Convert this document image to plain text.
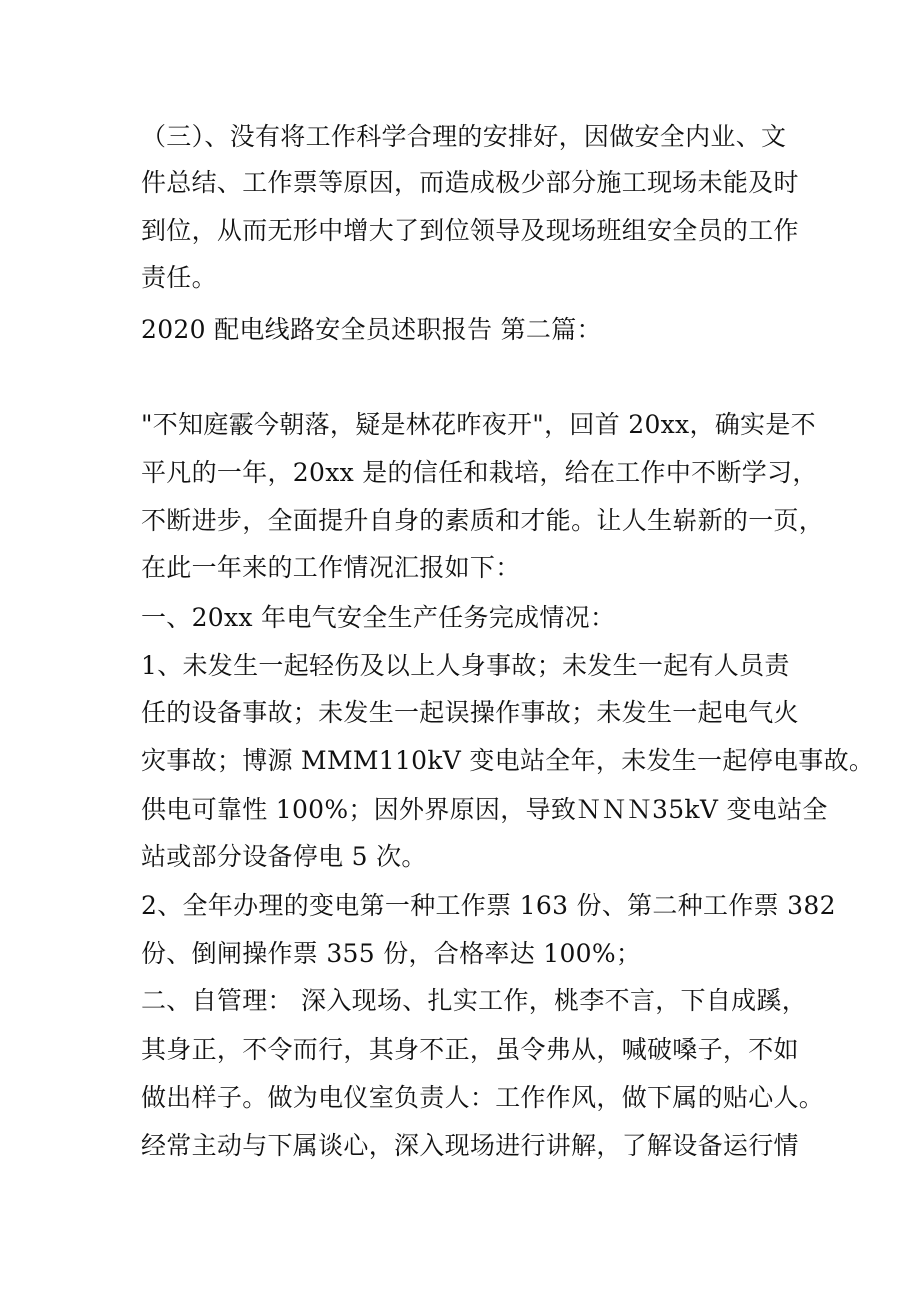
（三）、没有将工作科学合理的安排好，因做安全内业、文
件总结、工作票等原因，而造成极少部分施工现场未能及时
到位，从而无形中增大了到位领导及现场班组安全员的工作
责任。
2020 配电线路安全员述职报告 第二篇：
"不知庭霰今朝落，疑是林花昨夜开"，回首 20xx，确实是不
平凡的一年，20xx 是的信任和栽培，给在工作中不断学习，
不断进步，全面提升自身的素质和才能。让人生崭新的一页，
在此一年来的工作情况汇报如下：
一、20xx 年电气安全生产任务完成情况：
1、未发生一起轻伤及以上人身事故；未发生一起有人员责
任的设备事故；未发生一起误操作事故；未发生一起电气火
灾事故；博源 MMM110kV 变电站全年，未发生一起停电事故。
供电可靠性 100%；因外界原因，导致ＮＮＮ35kV 变电站全
站或部分设备停电 5 次。
2、全年办理的变电第一种工作票 163 份、第二种工作票 382
份、倒闸操作票 355 份，合格率达 100%；
二、自管理： 深入现场、扎实工作，桃李不言，下自成蹊，
其身正，不令而行，其身不正，虽令弗从，喊破嗓子，不如
做出样子。做为电仪室负责人：工作作风，做下属的贴心人。
经常主动与下属谈心，深入现场进行讲解，了解设备运行情
